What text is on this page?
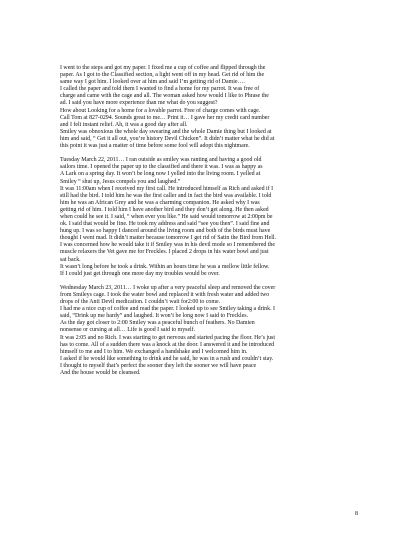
I went to the steps and got my paper. I fixed me a cup of coffee and flipped through the
paper. As I got to the Classified section, a light went off in my head. Get rid of him the
same way I got him. I looked over at him and said I’m getting rid of Damie….
I called the paper and told them I wanted to find a home for my parrot. It was free of
charge and came with the cage and all. The woman asked how would I like to Phrase the
ad. I said you have more experience than me what do you suggest?
How about Looking for a home for a lovable parrot. Free of charge comes with cage.
Call Tom at 827-0294. Sounds great to me… Print it… I gave her my credit card number
and I felt instant relief. Ah, it was a good day after all.
Smiley was obnoxious the whole day swearing and the whole Damie thing but I looked at
him and said, “ Get it all out, you’re history Devil Chicken”. It didn’t matter what he did at
this point it was just a matter of time before some fool will adopt this nightmare.
Tuesday March 22, 2011… I ran outside as smiley was ranting and having a good old
sailors time. I opened the paper up to the classified and there it was. I was as happy as
A Lark on a spring day. It won’t be long now I yelled into the living room. I yelled at
Smiley “ shut up, Jesus compels you and laughed.”
It was 11:00am when I received my first call. He introduced himself as Rich and asked if I
still had the bird. I told him he was the first caller and in fact the bird was available. I told
him he was an African Grey and he was a charming companion. He asked why I was
getting rid of him. I told him I have another bird and they don’t get along. He then asked
when could he see it. I said, “ when ever you like.” He said would tomorrow at 2:00pm be
ok. I said that would be fine. He took my address and said “see you then”. I said fine and
hung up. I was so happy I danced around the living room and both of the birds must have
thought I went mad. It didn’t matter because tomorrow I get rid of Satin the Bird from Hell.
I was concerned how he would take it if Smiley was in his devil mode so I remembered the
muscle relaxers the Vet gave me for Freckles. I placed 2 drops in his water bowl and just
sat back.
It wasn’t long before he took a drink. Within an hours time he was a mellow little fellow.
If I could just get through one more day my troubles would be over.
Wednesday March 23, 2011… I woke up after a very peaceful sleep and removed the cover
from Smileys cage. I took the water bowl and replaced it with fresh water and added two
drops of the Anti Devil medication. I couldn’t wait for2:00 to come.
I had me a nice cup of coffee and read the paper. I looked up to see Smiley taking a drink. I
said, “Drink up me hardy” and laughed. It won’t be long now I said to Freckles.
As the day got closer to 2:00 Smiley was a peaceful bunch of feathers. No Damien
nonsense or cursing at all… Life is good I said to myself.
It was 2:05 and no Rich. I was starting to get nervous and started pacing the floor. He’s just
has to come. All of a sudden there was a knock at the door. I answered it and he introduced
himself to me and I to him. We exchanged a handshake and I welcomed him in.
I asked if he would like something to drink and he said, he was in a rush and couldn’t stay.
I thought to myself that’s perfect the sooner they left the sooner we will have peace
And the house would be cleansed.
8
